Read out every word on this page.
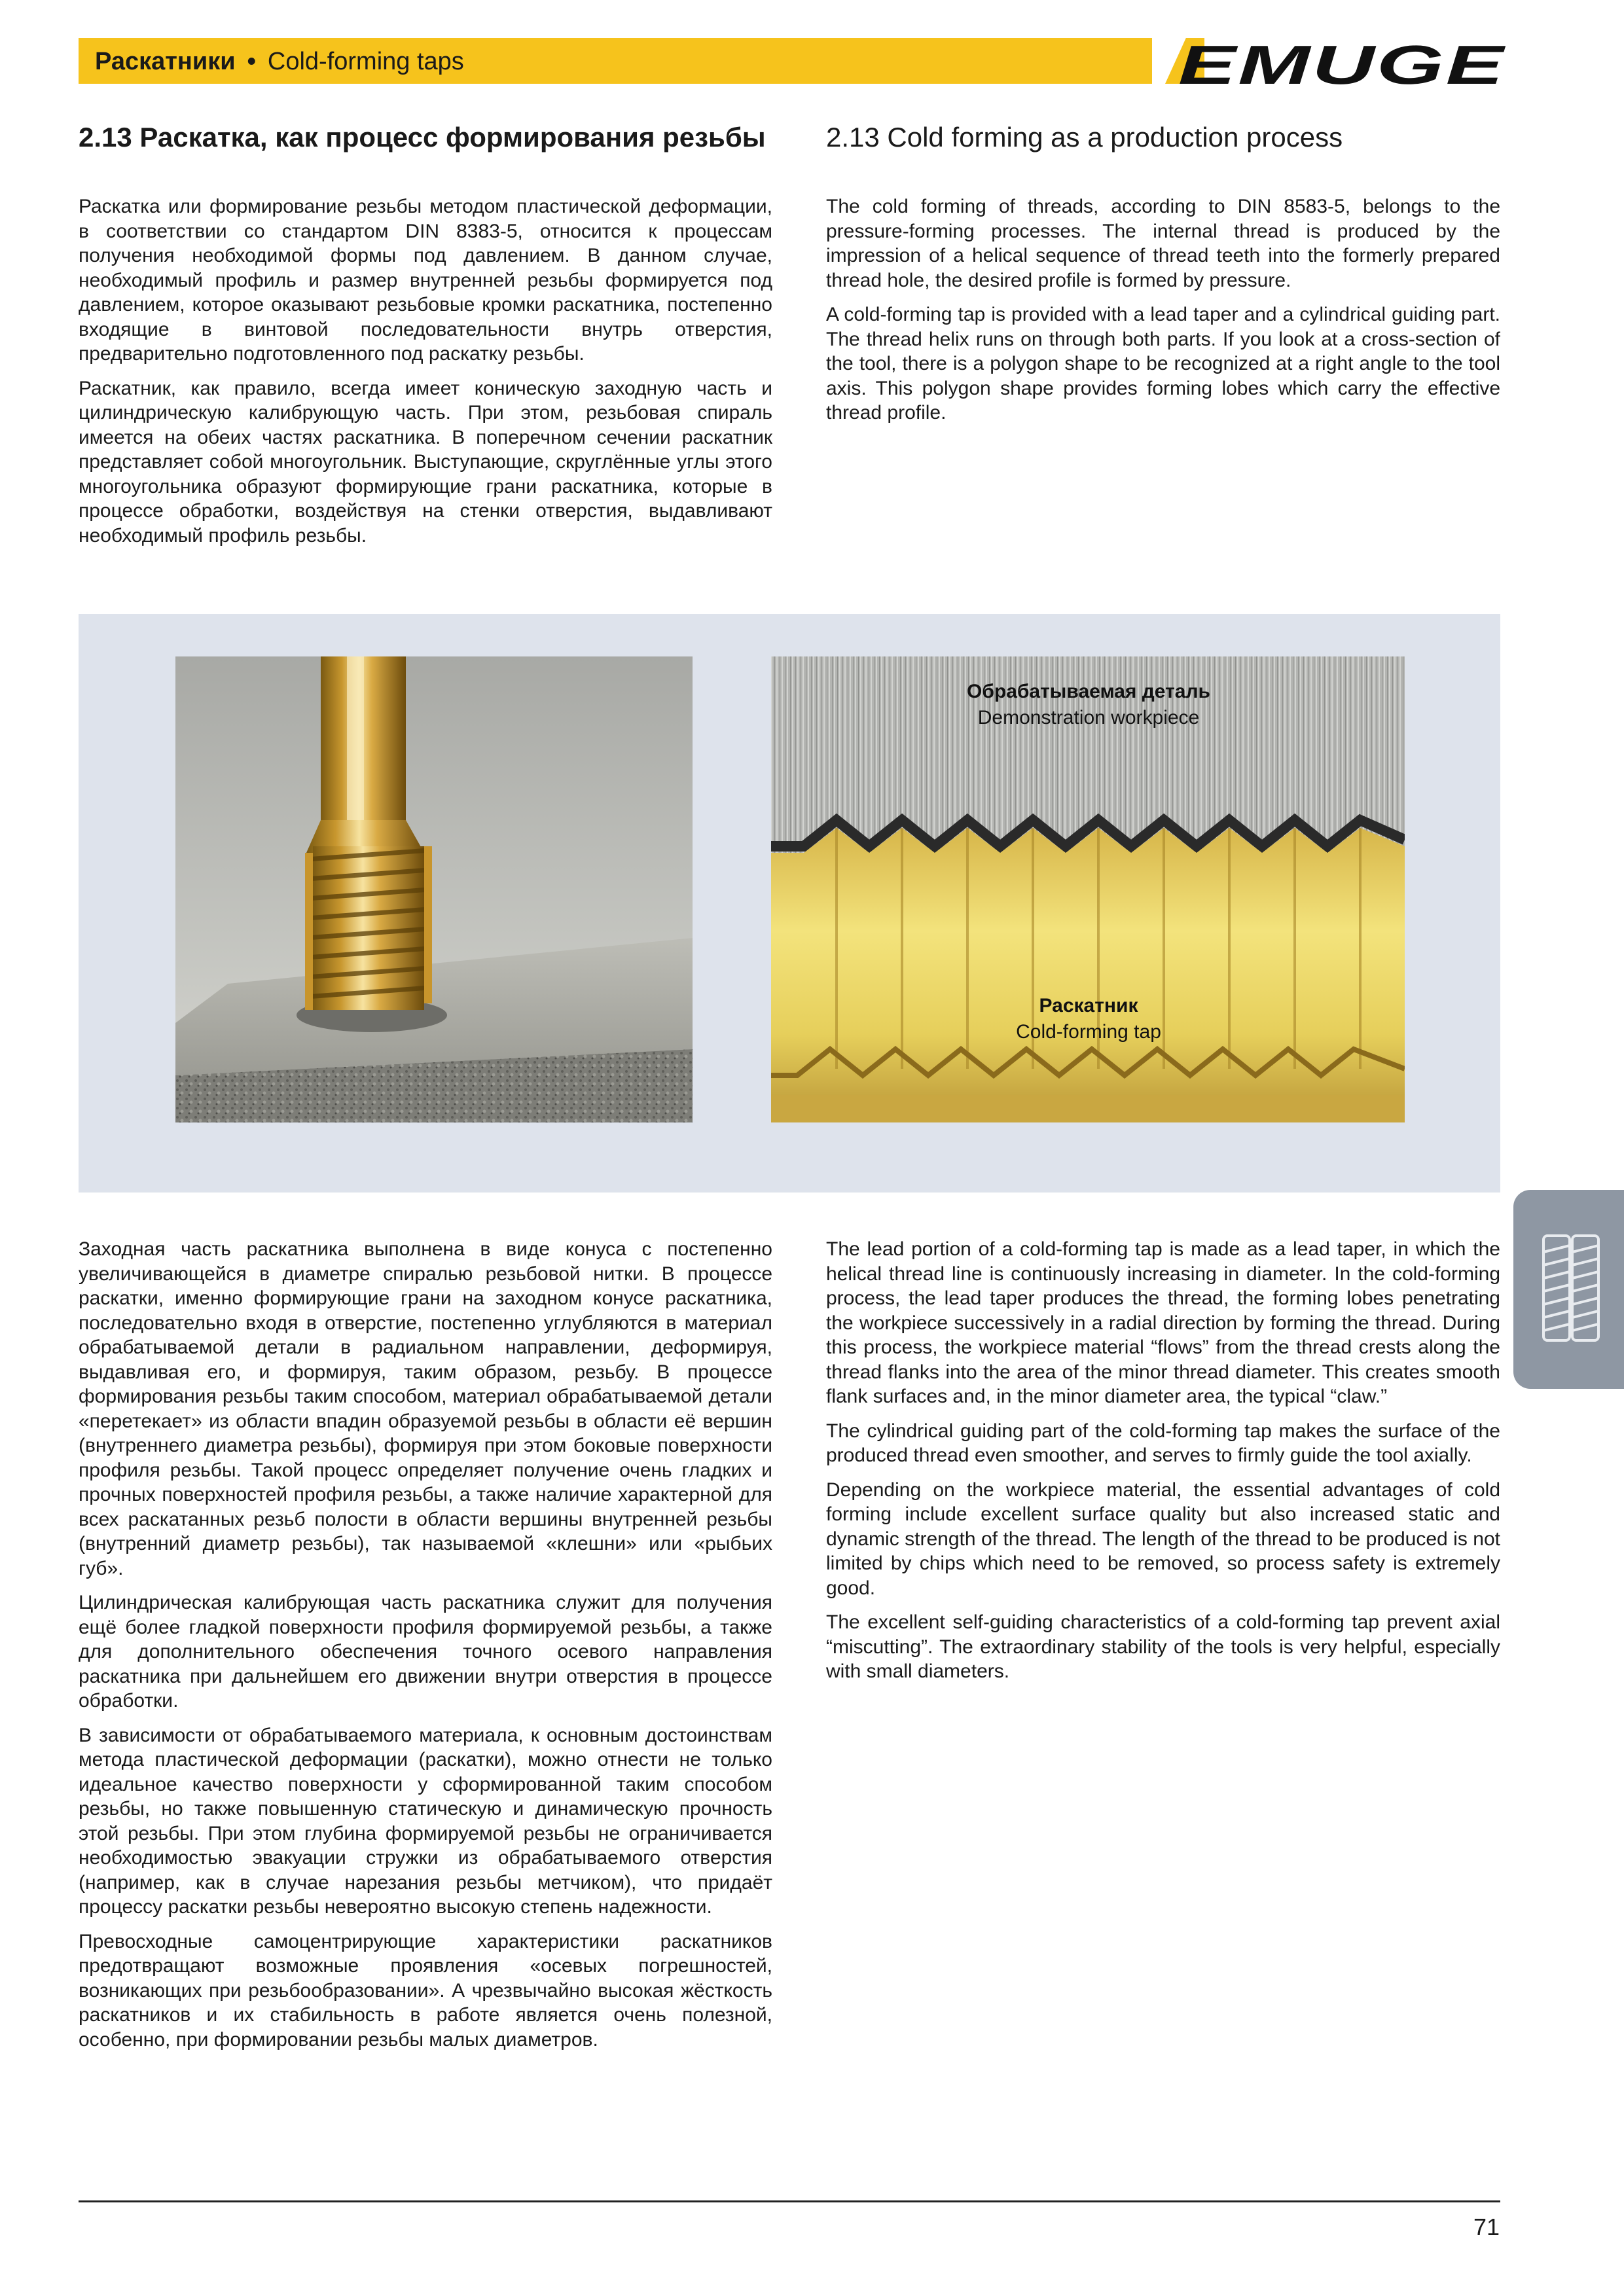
Раскатники • Cold-forming taps	EMUGE
2.13 Раскатка, как процесс формирования резьбы	2.13 Cold forming as a production process

Раскатка или формирование резьбы методом пластической деформации, в соответствии со стандартом DIN 8383-5, относится к процессам получения необходимой формы под давлением. В данном случае, необходимый профиль и размер внутренней резьбы формируется под давлением, которое оказывают резьбовые кромки раскатника, постепенно входящие в винтовой последовательности внутрь отверстия, предварительно подготовленного под раскатку резьбы.

Раскатник, как правило, всегда имеет коническую заходную часть и цилиндрическую калибрующую часть. При этом, резьбовая спираль имеется на обеих частях раскатника. В поперечном сечении раскатник представляет собой многоугольник. Выступающие, скруглённые углы этого многоугольника образуют формирующие грани раскатника, которые в процессе обработки, воздействуя на стенки отверстия, выдавливают необходимый профиль резьбы.

The cold forming of threads, according to DIN 8583-5, belongs to the pressure-forming processes. The internal thread is produced by the impression of a helical sequence of thread teeth into the formerly prepared thread hole, the desired profile is formed by pressure.

A cold-forming tap is provided with a lead taper and a cylindrical guiding part. The thread helix runs on through both parts. If you look at a cross-section of the tool, there is a polygon shape to be recognized at a right angle to the tool axis. This polygon shape provides forming lobes which carry the effective thread profile.

Обрабатываемая деталь
Demonstration workpiece
Раскатник
Cold-forming tap

Заходная часть раскатника выполнена в виде конуса с постепенно увеличивающейся в диаметре спиралью резьбовой нитки. В процессе раскатки, именно формирующие грани на заходном конусе раскатника, последовательно входя в отверстие, постепенно углубляются в материал обрабатываемой детали в радиальном направлении, деформируя, выдавливая его, и формируя, таким образом, резьбу. В процессе формирования резьбы таким способом, материал обрабатываемой детали «перетекает» из области впадин образуемой резьбы в области её вершин (внутреннего диаметра резьбы), формируя при этом боковые поверхности профиля резьбы. Такой процесс определяет получение очень гладких и прочных поверхностей профиля резьбы, а также наличие характерной для всех раскатанных резьб полости в области вершины внутренней резьбы (внутренний диаметр резьбы), так называемой «клешни» или «рыбьих губ».

Цилиндрическая калибрующая часть раскатника служит для получения ещё более гладкой поверхности профиля формируемой резьбы, а также для дополнительного обеспечения точного осевого направления раскатника при дальнейшем его движении внутри отверстия в процессе обработки.

В зависимости от обрабатываемого материала, к основным достоинствам метода пластической деформации (раскатки), можно отнести не только идеальное качество поверхности у сформированной таким способом резьбы, но также повышенную статическую и динамическую прочность этой резьбы. При этом глубина формируемой резьбы не ограничивается необходимостью эвакуации стружки из обрабатываемого отверстия (например, как в случае нарезания резьбы метчиком), что придаёт процессу раскатки резьбы невероятно высокую степень надежности.

Превосходные самоцентрирующие характеристики раскатников предотвращают возможные проявления «осевых погрешностей, возникающих при резьбообразовании». А чрезвычайно высокая жёсткость раскатников и их стабильность в работе является очень полезной, особенно, при формировании резьбы малых диаметров.

The lead portion of a cold-forming tap is made as a lead taper, in which the helical thread line is continuously increasing in diameter. In the cold-forming process, the lead taper produces the thread, the forming lobes penetrating the workpiece successively in a radial direction by forming the thread. During this process, the workpiece material “flows” from the thread crests along the thread flanks into the area of the minor thread diameter. This creates smooth flank surfaces and, in the minor diameter area, the typical “claw.”

The cylindrical guiding part of the cold-forming tap makes the surface of the produced thread even smoother, and serves to firmly guide the tool axially.

Depending on the workpiece material, the essential advantages of cold forming include excellent surface quality but also increased static and dynamic strength of the thread. The length of the thread to be produced is not limited by chips which need to be removed, so process safety is extremely good.

The excellent self-guiding characteristics of a cold-forming tap prevent axial “miscutting”. The extraordinary stability of the tools is very helpful, especially with small diameters.

71
